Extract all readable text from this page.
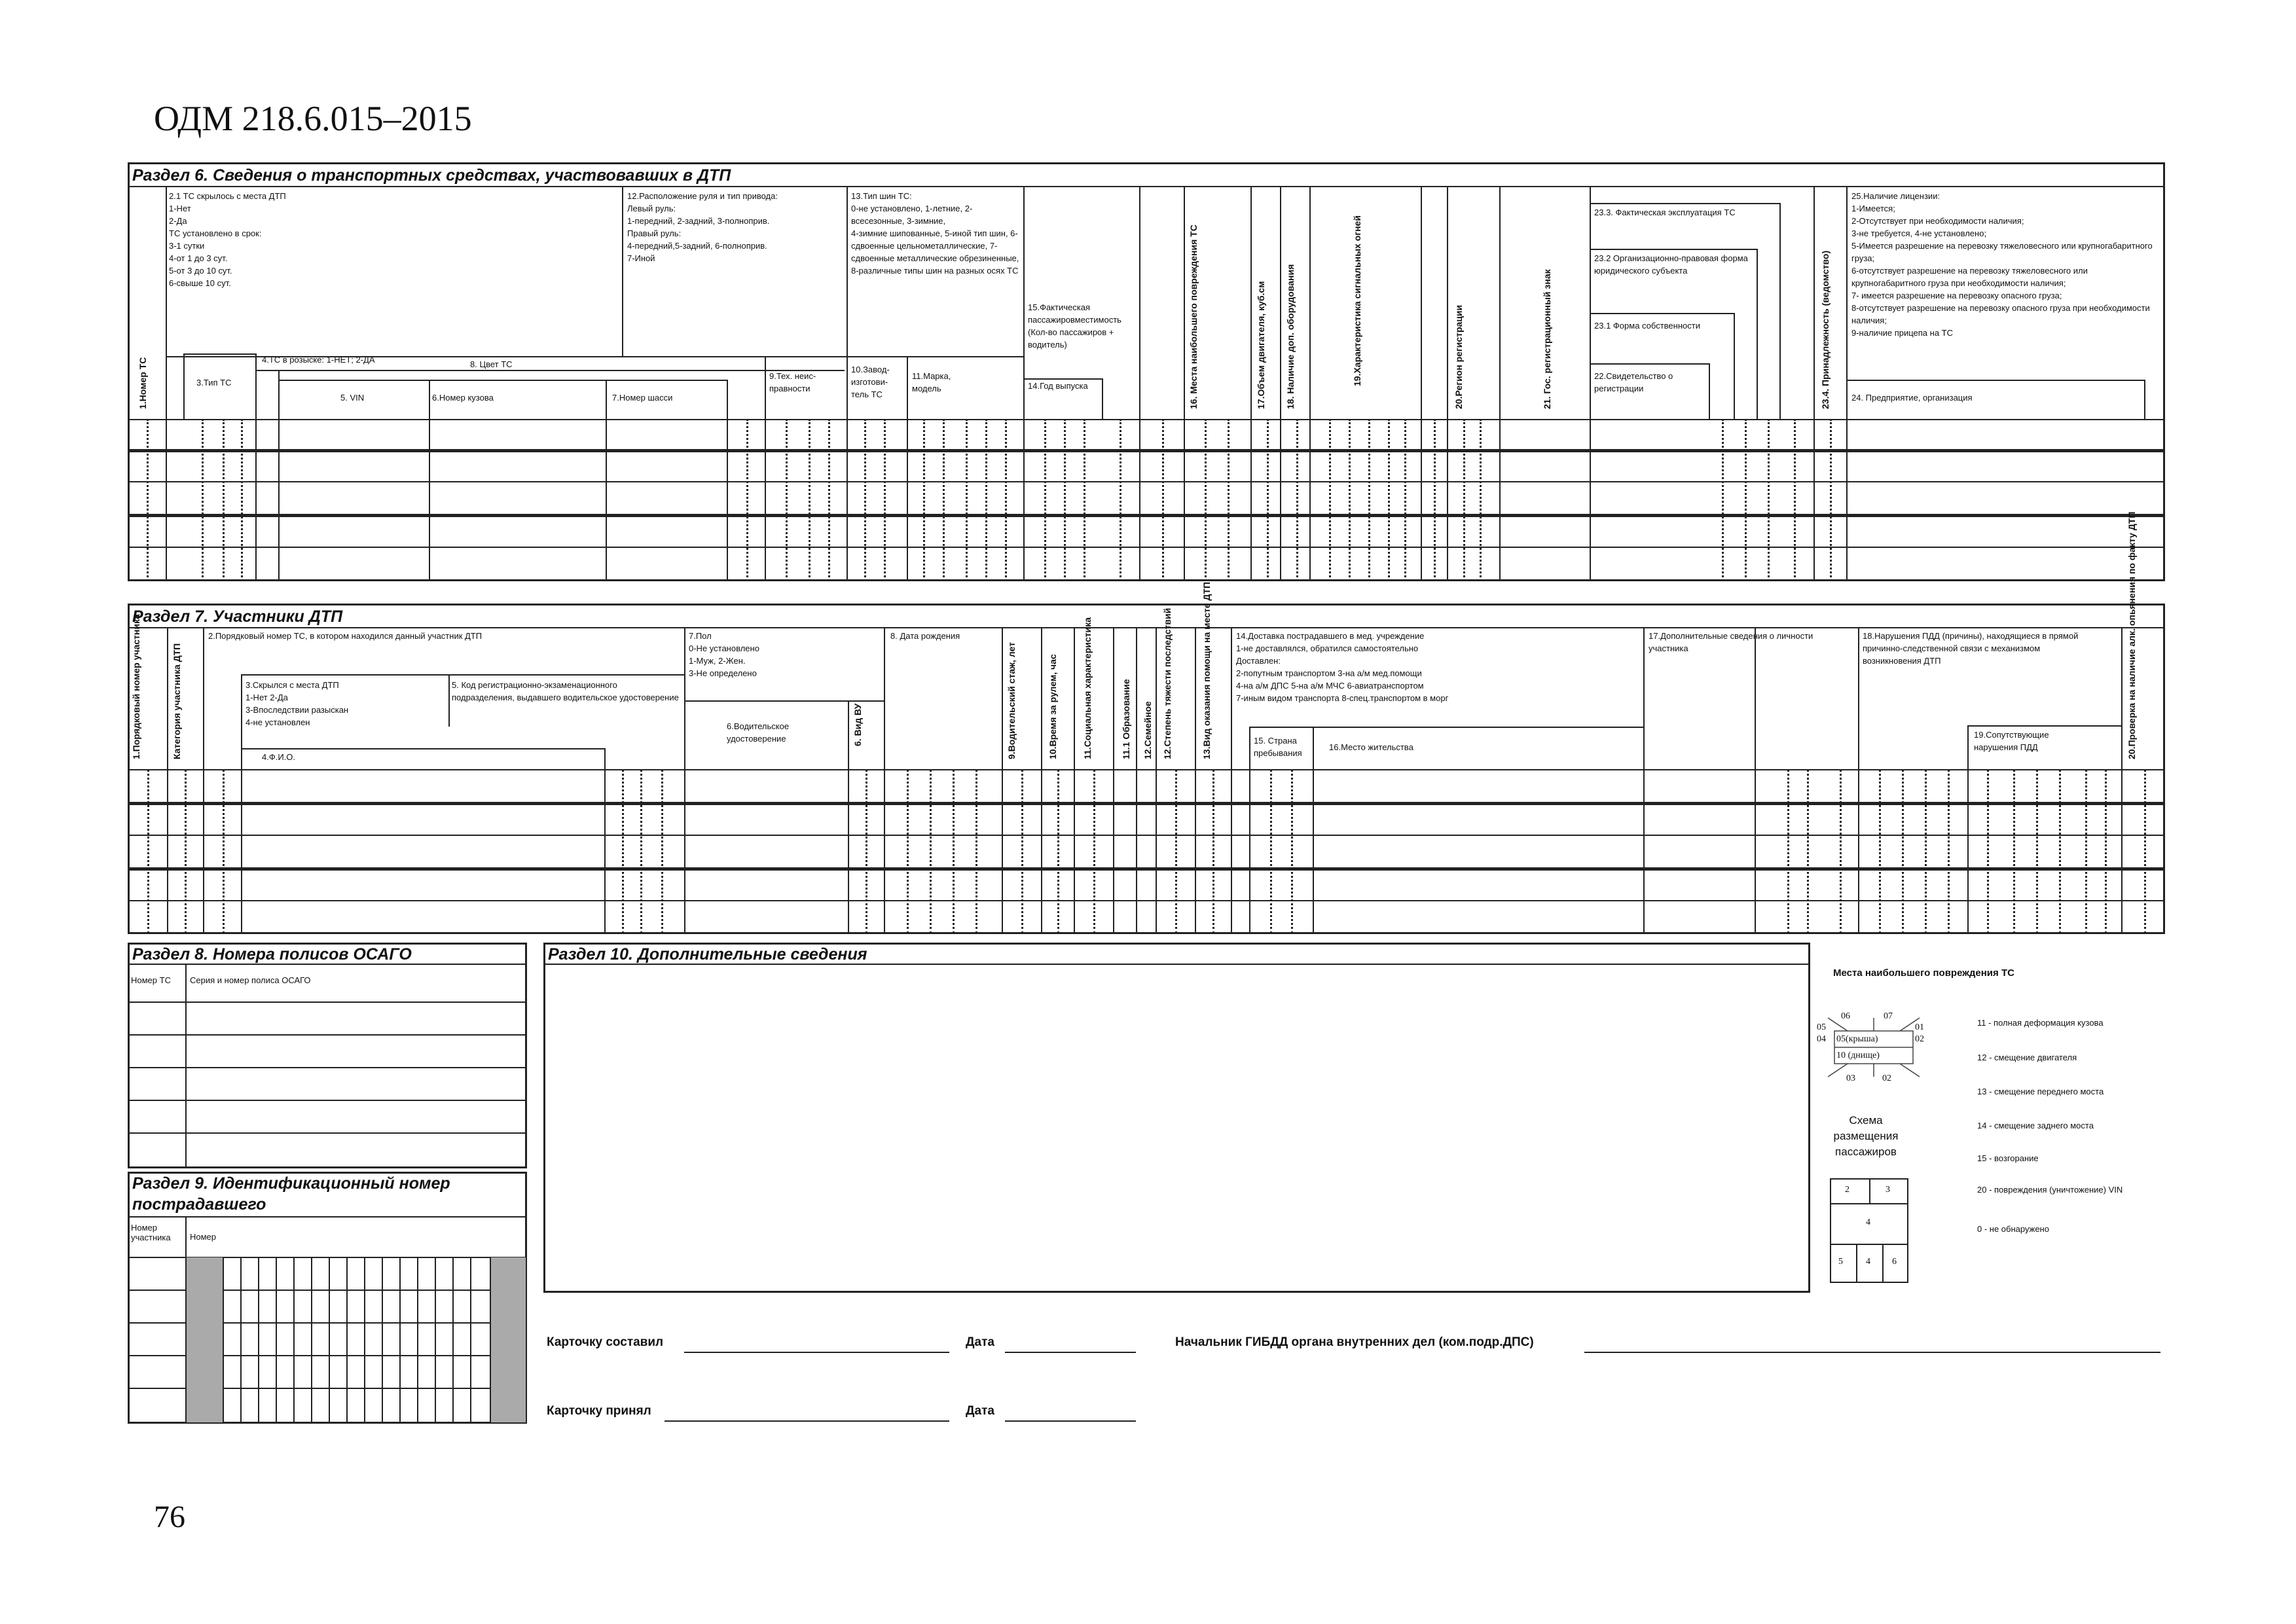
ОДМ 218.6.015–2015
76
Раздел 6. Сведения о транспортных средствах, участвовавших в ДТП
1.Номер ТС
2.1 ТС скрылось с места ДТП
1-Нет
2-Да
ТС установлено в срок:
3-1 сутки
4-от 1 до 3 сут.
5-от 3 до 10 сут.
6-свыше 10 сут.
3.Тип ТС
4.ТС в розыске: 1-НЕТ; 2-ДА
5. VIN	6.Номер кузова	7.Номер шасси
8. Цвет ТС
9.Тех. неис-правности
10.Завод-изготови-тель ТС
11.Марка, модель
12.Расположение руля и тип привода:
Левый руль:
1-передний, 2-задний, 3-полноприв.
Правый руль:
4-передний,5-задний, 6-полноприв.
7-Иной
13.Тип шин ТС:
0-не установлено, 1-летние, 2-всесезонные, 3-зимние,
4-зимние шипованные, 5-иной тип шин, 6-сдвоенные цельнометаллические, 7-сдвоенные металлические обрезиненные, 8-различные типы шин на разных осях ТС
14.Год выпуска
15.Фактическая пассажировместимость (Кол-во пассажиров + водитель)	16. Места наибольшего повреждения ТС	17.Объем двигателя, куб.см 18. Наличие доп. оборудования	19.Характеристика сигнальных огней	20.Регион регистрации	21. Гос. регистрационный знак	22.Свидетельство о регистрации
23.1 Форма собственности
23.2 Организационно-правовая форма юридического субъекта
23.3. Фактическая эксплуатация ТС
23.4. Принадлежность (ведомство) 24. Предприятие, организация
25.Наличие лицензии:
1-Имеется;
2-Отсутствует при необходимости наличия;
3-не требуется, 4-не установлено;
5-Имеется разрешение на перевозку тяжеловесного или крупногабаритного груза;
6-отсутствует разрешение на перевозку тяжеловесного или крупногабаритного груза при необходимости наличия;
7- имеется разрешение на перевозку опасного груза;
8-отсутствует разрешение на перевозку опасного груза при необходимости наличия;
9-наличие прицепа на ТС
Раздел 7. Участники ДТП
1.Порядковый номер участника	Категория участника ДТП
2.Порядковый номер ТС, в котором находился данный участник ДТП
3.Скрылся с места ДТП
1-Нет 2-Да
3-Впоследствии разыскан
4-не установлен
4.Ф.И.О.
5. Код регистрационно-экзаменационного подразделения, выдавшего водительское удостоверение
6.Водительское удостоверение	6. Вид ВУ
7.Пол
0-Не установлено
1-Муж, 2-Жен.
3-Не определено
8. Дата рождения
9.Водительский стаж, лет	10.Время за рулем, час	11.Социальная характеристика	11.1 Образование 12.Семейное 12.Степень тяжести последствий	13.Вид оказания помощи на месте ДТП	14.Доставка пострадавшего в мед. учреждение
1-не доставлялся, обратился самостоятельно
Доставлен:
2-попутным транспортом 3-на а/м мед.помощи
4-на а/м ДПС 5-на а/м МЧС 6-авиатранспортом
7-иным видом транспорта 8-спец.транспортом в морг
15. Страна пребывания
16.Место жительства
17.Дополнительные сведения о личности участника
18.Нарушения ПДД (причины), находящиеся в прямой причинно-следственной связи с механизмом возникновения ДТП
19.Сопутствующие нарушения ПДД	20.Проверка на наличие алк. опьянения по факту ДТП
Раздел 8. Номера полисов ОСАГО
Номер ТС Серия и номер полиса ОСАГО
Раздел 9. Идентификационный номер
пострадавшего
Номер участника	Номер
Раздел 10. Дополнительные сведения
Места наибольшего повреждения ТС
06	07
05
04
01
02
05(крыша)
10 (днище)
03	02
11 - полная деформация кузова
12 - смещение двигателя
13 - смещение переднего моста
14 - смещение заднего моста
15 - возгорание
20 - повреждения (уничтожение) VIN
0 - не обнаружено
Схема размещения пассажиров
2	3
4
5	4 6
Карточку составил	Дата	Начальник ГИБДД органа внутренних дел (ком.подр.ДПС)
Карточку принял	Дата
